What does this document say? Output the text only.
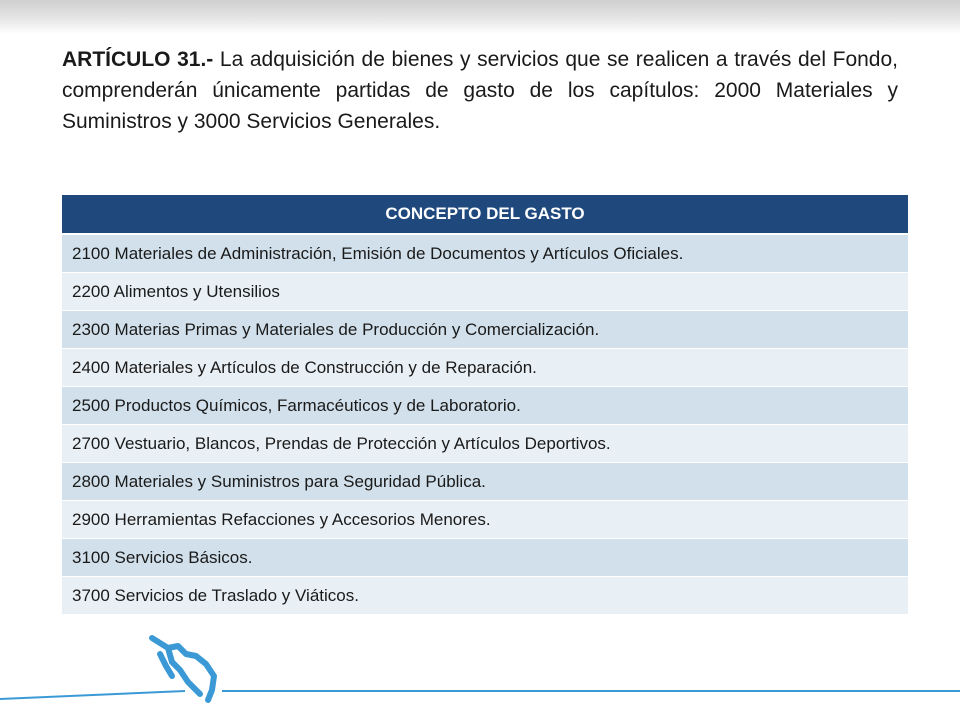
ARTÍCULO 31.- La adquisición de bienes y servicios que se realicen a través del Fondo, comprenderán únicamente partidas de gasto de los capítulos: 2000 Materiales y Suministros y 3000 Servicios Generales.

CONCEPTO DEL GASTO
2100 Materiales de Administración, Emisión de Documentos y Artículos Oficiales.
2200 Alimentos y Utensilios
2300 Materias Primas y Materiales de Producción y Comercialización.
2400 Materiales y Artículos de Construcción y de Reparación.
2500 Productos Químicos, Farmacéuticos y de Laboratorio.
2700 Vestuario, Blancos, Prendas de Protección y Artículos Deportivos.
2800 Materiales y Suministros para Seguridad Pública.
2900 Herramientas Refacciones y Accesorios Menores.
3100 Servicios Básicos.
3700 Servicios de Traslado y Viáticos.
